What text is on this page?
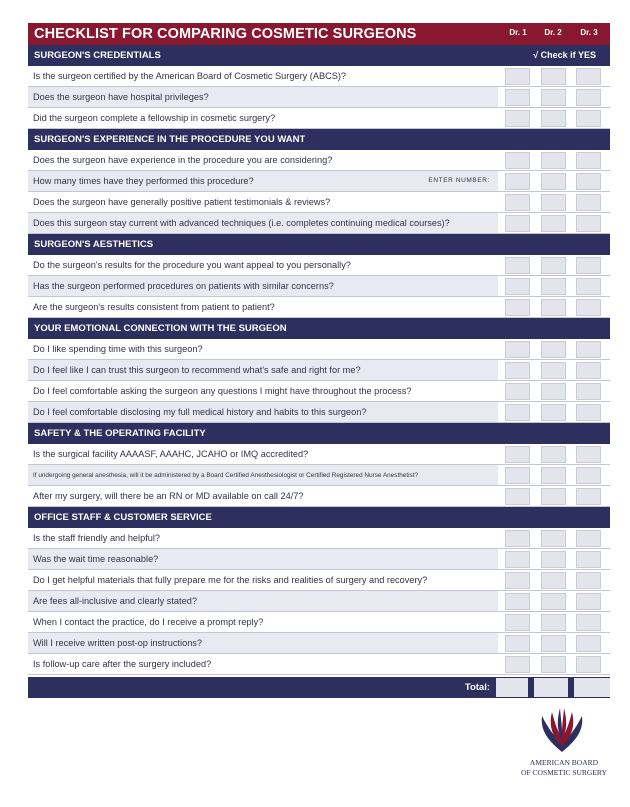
CHECKLIST FOR COMPARING COSMETIC SURGEONS	Dr. 1	Dr. 2	Dr. 3
SURGEON'S CREDENTIALS	√ Check if YES
Is the surgeon certified by the American Board of Cosmetic Surgery (ABCS)?
Does the surgeon have hospital privileges?
Did the surgeon complete a fellowship in cosmetic surgery?
SURGEON'S EXPERIENCE IN THE PROCEDURE YOU WANT
Does the surgeon have experience in the procedure you are considering?
How many times have they performed this procedure?	ENTER NUMBER:
Does the surgeon have generally positive patient testimonials & reviews?
Does this surgeon stay current with advanced techniques (i.e. completes continuing medical courses)?
SURGEON'S AESTHETICS
Do the surgeon's results for the procedure you want appeal to you personally?
Has the surgeon performed procedures on patients with similar concerns?
Are the surgeon's results consistent from patient to patient?
YOUR EMOTIONAL CONNECTION WITH THE SURGEON
Do I like spending time with this surgeon?
Do I feel like I can trust this surgeon to recommend what's safe and right for me?
Do I feel comfortable asking the surgeon any questions I might have throughout the process?
Do I feel comfortable disclosing my full medical history and habits to this surgeon?
SAFETY & THE OPERATING FACILITY
Is the surgical facility AAAASF, AAAHC, JCAHO or IMQ accredited?
If undergoing general anesthesia, will it be administered by a Board Certified Anesthesiologist or Certified Registered Nurse Anesthetist?
After my surgery, will there be an RN or MD available on call 24/7?
OFFICE STAFF & CUSTOMER SERVICE
Is the staff friendly and helpful?
Was the wait time reasonable?
Do I get helpful materials that fully prepare me for the risks and realities of surgery and recovery?
Are fees all-inclusive and clearly stated?
When I contact the practice, do I receive a prompt reply?
Will I receive written post-op instructions?
Is follow-up care after the surgery included?
Total:
AMERICAN BOARD
OF COSMETIC SURGERY
